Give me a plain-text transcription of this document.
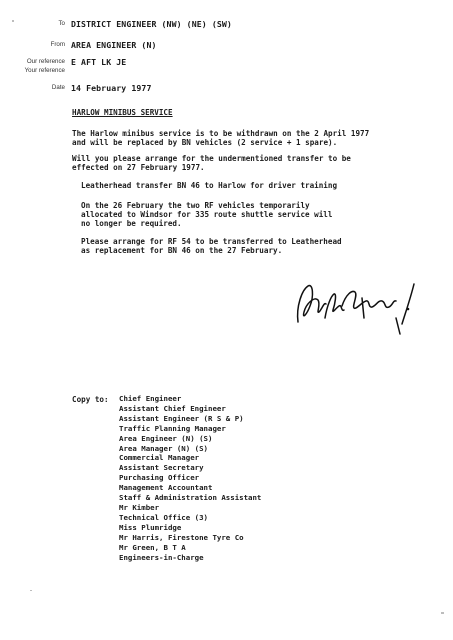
To DISTRICT ENGINEER (NW) (NE) (SW)
From AREA ENGINEER (N)
Our reference E AFT LK JE
Your reference
Date 14 February 1977
HARLOW MINIBUS SERVICE
The Harlow minibus service is to be withdrawn on the 2 April 1977
and will be replaced by BN vehicles (2 service + 1 spare).
Will you please arrange for the undermentioned transfer to be
effected on 27 February 1977.
Leatherhead transfer BN 46 to Harlow for driver training
On the 26 February the two RF vehicles temporarily
allocated to Windsor for 335 route shuttle service will
no longer be required.
Please arrange for RF 54 to be transferred to Leatherhead
as replacement for BN 46 on the 27 February.
Copy to: Chief Engineer
Assistant Chief Engineer
Assistant Engineer (R S & P)
Traffic Planning Manager
Area Engineer (N) (S)
Area Manager (N) (S)
Commercial Manager
Assistant Secretary
Purchasing Officer
Management Accountant
Staff & Administration Assistant
Mr Kimber
Technical Office (3)
Miss Plumridge
Mr Harris, Firestone Tyre Co
Mr Green, B T A
Engineers-in-Charge
